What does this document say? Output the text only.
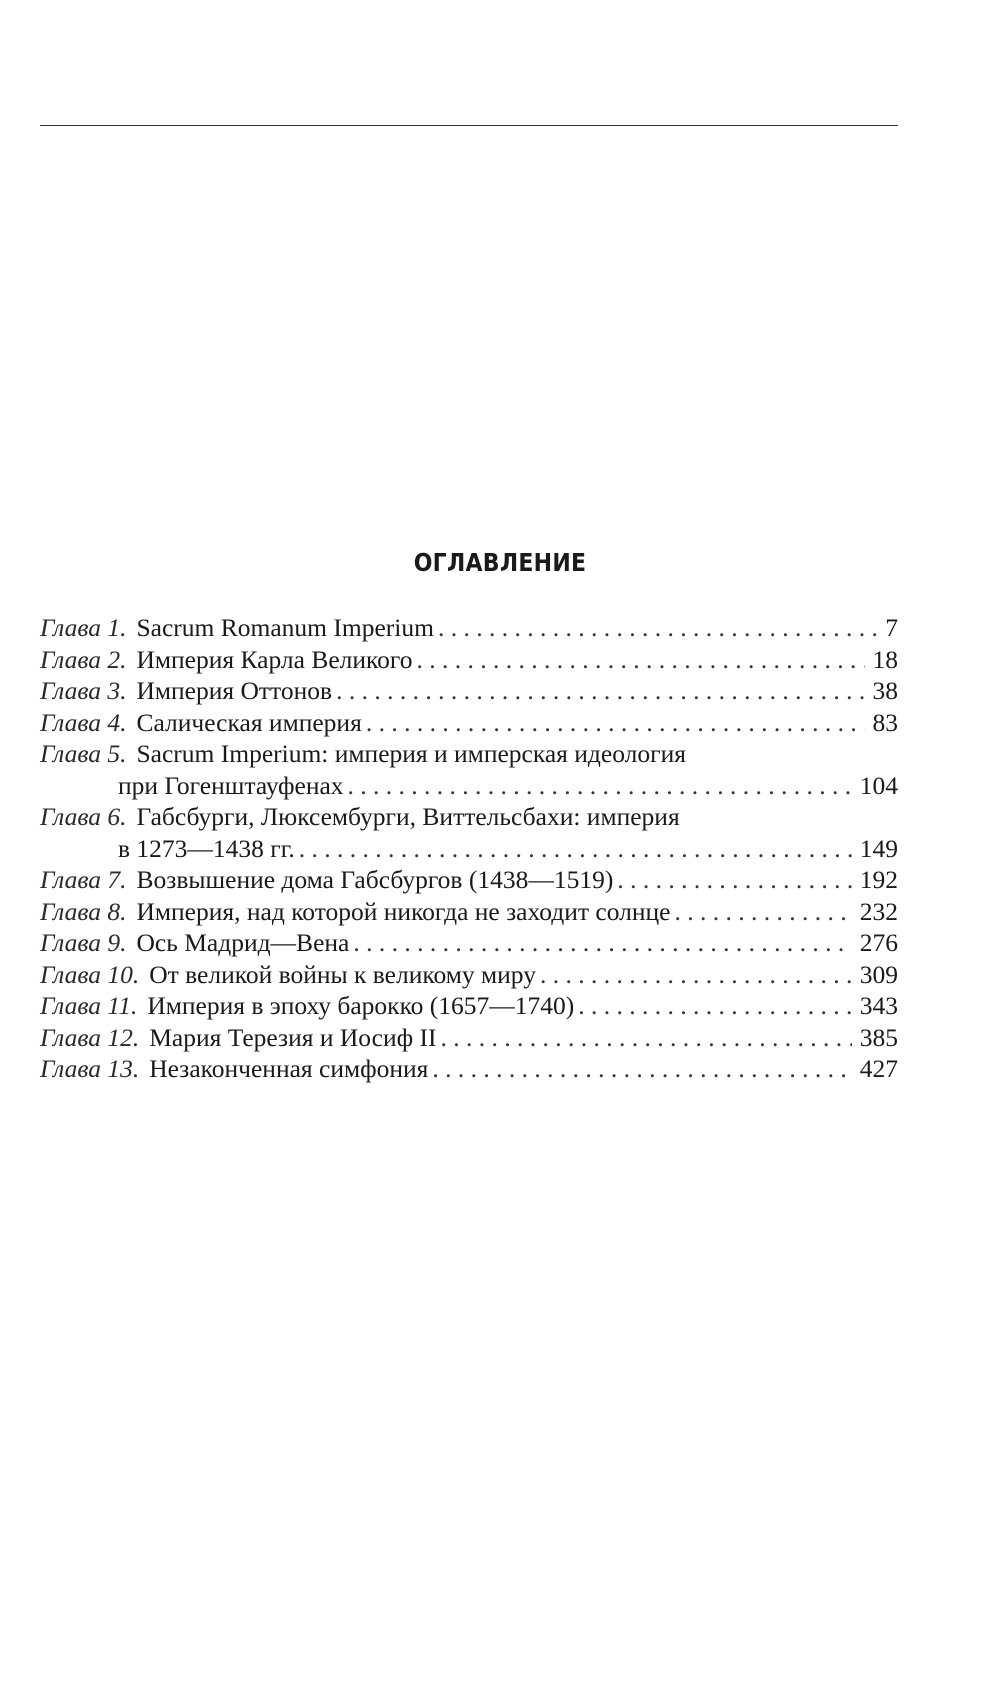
ОГЛАВЛЕНИЕ
Глава 1. Sacrum Romanum Imperium . . .	7
Глава 2. Империя Карла Великого . . .	18
Глава 3. Империя Оттонов . . .	38
Глава 4. Салическая империя . . .	83
Глава 5. Sacrum Imperium: империя и имперская идеология
при Гогенштауфенах . . .	104
Глава 6. Габсбурги, Люксембурги, Виттельсбахи: империя
в 1273—1438 гг. . . .	149
Глава 7. Возвышение дома Габсбургов (1438—1519) . . .	192
Глава 8. Империя, над которой никогда не заходит солнце . . .	232
Глава 9. Ось Мадрид—Вена . . .	276
Глава 10. От великой войны к великому миру . . .	309
Глава 11. Империя в эпоху барокко (1657—1740) . . .	343
Глава 12. Мария Терезия и Иосиф II . . .	385
Глава 13. Незаконченная симфония . . .	427
